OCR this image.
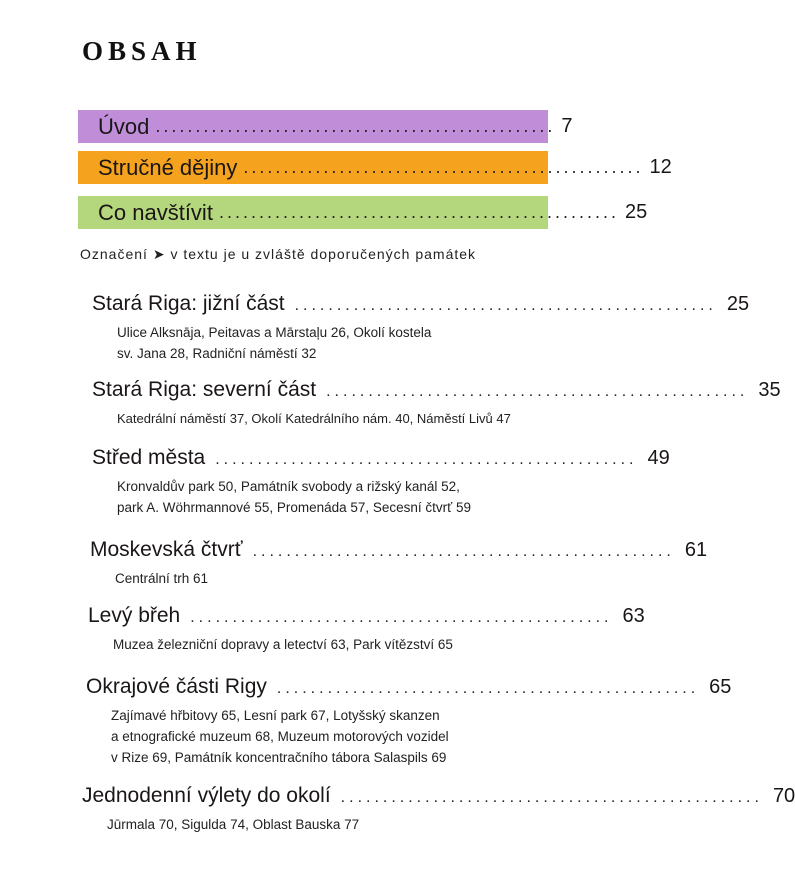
OBSAH
Úvod .................................................. 7
Stručné dějiny .................................................. 12
Co navštívit .................................................. 25
Označení ➤ v textu je u zvláště doporučených památek
Stará Riga: jižní část .................................................. 25
Ulice Alksnāja, Peitavas a Mārstaļu 26, Okolí kostela
sv. Jana 28, Radniční náměstí 32
Stará Riga: severní část .................................................. 35
Katedrální náměstí 37, Okolí Katedrálního nám. 40, Náměstí Livů 47
Střed města .................................................. 49
Kronvaldův park 50, Památník svobody a rižský kanál 52,
park A. Wöhrmannové 55, Promenáda 57, Secesní čtvrť 59
Moskevská čtvrť .................................................. 61
Centrální trh 61
Levý břeh .................................................. 63
Muzea železniční dopravy a letectví 63, Park vítězství 65
Okrajové části Rigy .................................................. 65
Zajímavé hřbitovy 65, Lesní park 67, Lotyšský skanzen
a etnografické muzeum 68, Muzeum motorových vozidel
v Rize 69, Památník koncentračního tábora Salaspils 69
Jednodenní výlety do okolí .................................................. 70
Jūrmala 70, Sigulda 74, Oblast Bauska 77
